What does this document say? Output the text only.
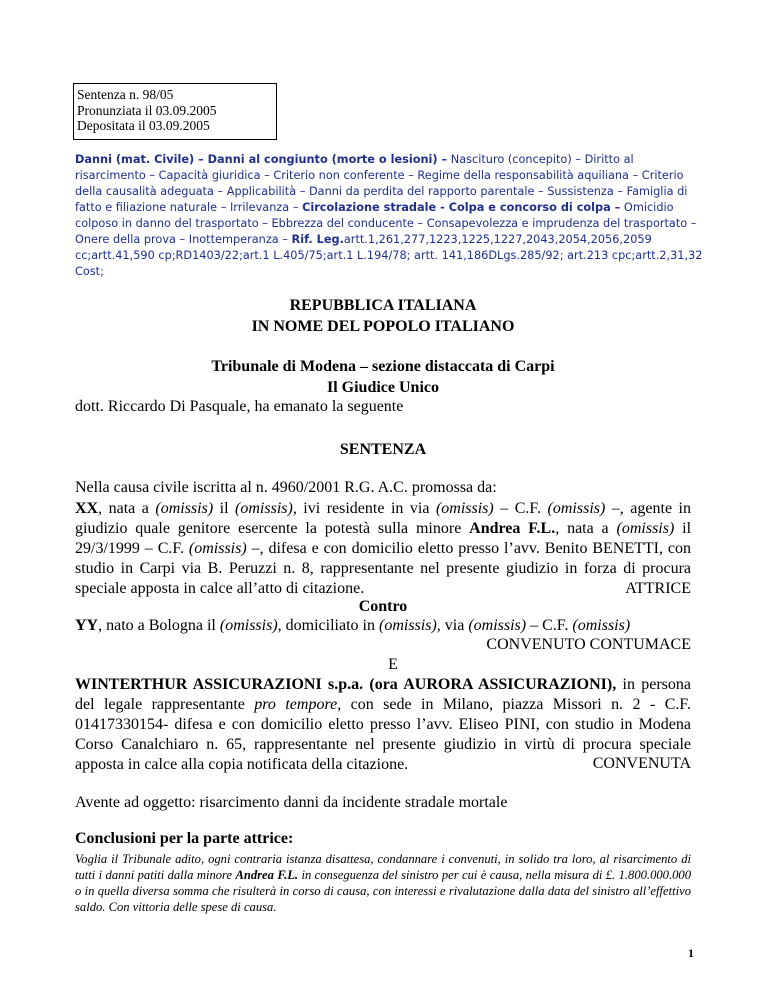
Sentenza n. 98/05
Pronunziata il 03.09.2005
Depositata il 03.09.2005
Danni (mat. Civile) – Danni al congiunto (morte o lesioni) – Nascituro (concepito) – Diritto al risarcimento – Capacità giuridica – Criterio non conferente – Regime della responsabilità aquiliana – Criterio della causalità adeguata – Applicabilità – Danni da perdita del rapporto parentale – Sussistenza – Famiglia di fatto e filiazione naturale – Irrilevanza – Circolazione stradale - Colpa e concorso di colpa – Omicidio colposo in danno del trasportato – Ebbrezza del conducente – Consapevolezza e imprudenza del trasportato – Onere della prova – Inottemperanza – Rif. Leg.artt.1,261,277,1223,1225,1227,2043,2054,2056,2059 cc;artt.41,590 cp;RD1403/22;art.1 L.405/75;art.1 L.194/78; artt. 141,186DLgs.285/92; art.213 cpc;artt.2,31,32 Cost;
REPUBBLICA ITALIANA
IN NOME DEL POPOLO ITALIANO
Tribunale di Modena – sezione distaccata di Carpi
Il Giudice Unico
dott. Riccardo Di Pasquale, ha emanato la seguente
SENTENZA
Nella causa civile iscritta al n. 4960/2001 R.G. A.C. promossa da:
XX, nata a (omissis) il (omissis), ivi residente in via (omissis) – C.F. (omissis) –, agente in giudizio quale genitore esercente la potestà sulla minore Andrea F.L., nata a (omissis) il 29/3/1999 – C.F. (omissis) –, difesa e con domicilio eletto presso l’avv. Benito BENETTI, con studio in Carpi via B. Peruzzi n. 8, rappresentante nel presente giudizio in forza di procura speciale apposta in calce all’atto di citazione.	ATTRICE
Contro
YY, nato a Bologna il (omissis), domiciliato in (omissis), via (omissis) – C.F. (omissis)
CONVENUTO CONTUMACE
E
WINTERTHUR ASSICURAZIONI s.p.a. (ora AURORA ASSICURAZIONI), in persona del legale rappresentante pro tempore, con sede in Milano, piazza Missori n. 2 - C.F. 01417330154- difesa e con domicilio eletto presso l’avv. Eliseo PINI, con studio in Modena Corso Canalchiaro n. 65, rappresentante nel presente giudizio in virtù di procura speciale apposta in calce alla copia notificata della citazione.	CONVENUTA
Avente ad oggetto: risarcimento danni da incidente stradale mortale
Conclusioni per la parte attrice:
Voglia il Tribunale adito, ogni contraria istanza disattesa, condannare i convenuti, in solido tra loro, al risarcimento di tutti i danni patiti dalla minore Andrea F.L. in conseguenza del sinistro per cui è causa, nella misura di £. 1.800.000.000 o in quella diversa somma che risulterà in corso di causa, con interessi e rivalutazione dalla data del sinistro all’effettivo saldo. Con vittoria delle spese di causa.
1
